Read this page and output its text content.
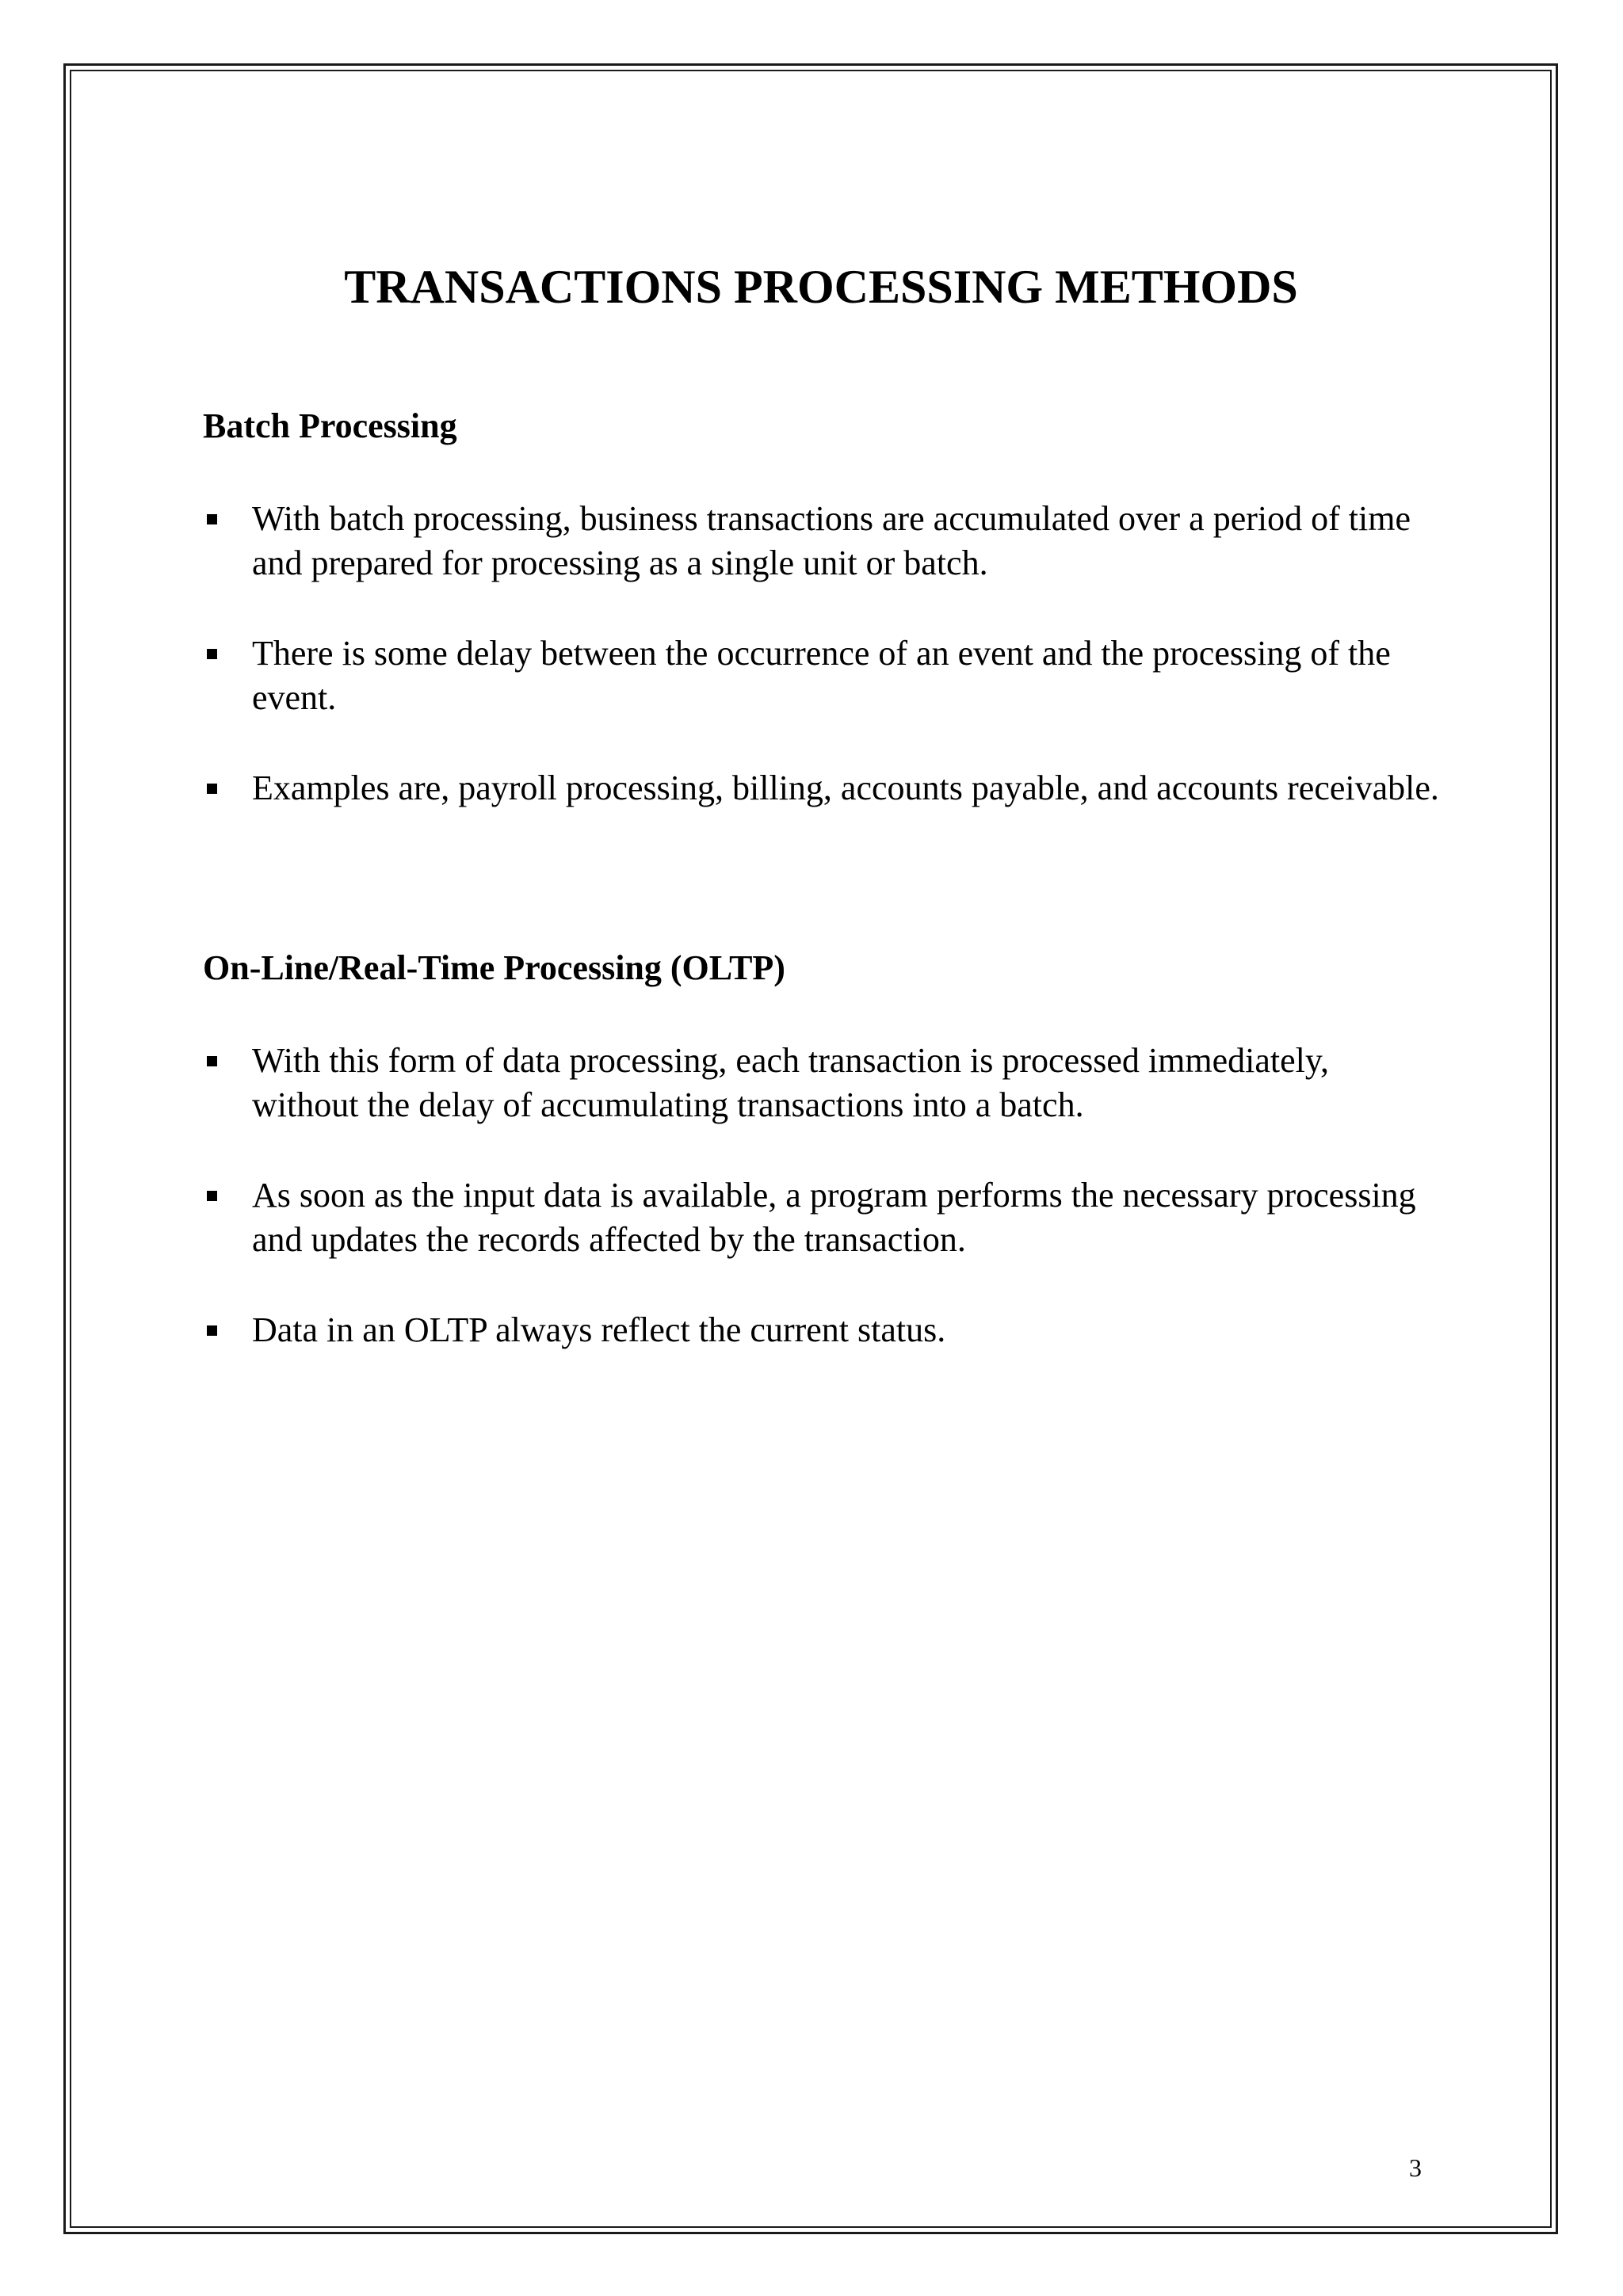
TRANSACTIONS PROCESSING METHODS
Batch Processing
With batch processing, business transactions are accumulated over a period of time and prepared for processing as a single unit or batch.
There is some delay between the occurrence of an event and the processing of the event.
Examples are, payroll processing, billing, accounts payable, and accounts receivable.
On-Line/Real-Time Processing (OLTP)
With this form of data processing, each transaction is processed immediately, without the delay of accumulating transactions into a batch.
As soon as the input data is available, a program performs the necessary processing and updates the records affected by the transaction.
Data in an OLTP always reflect the current status.
3
